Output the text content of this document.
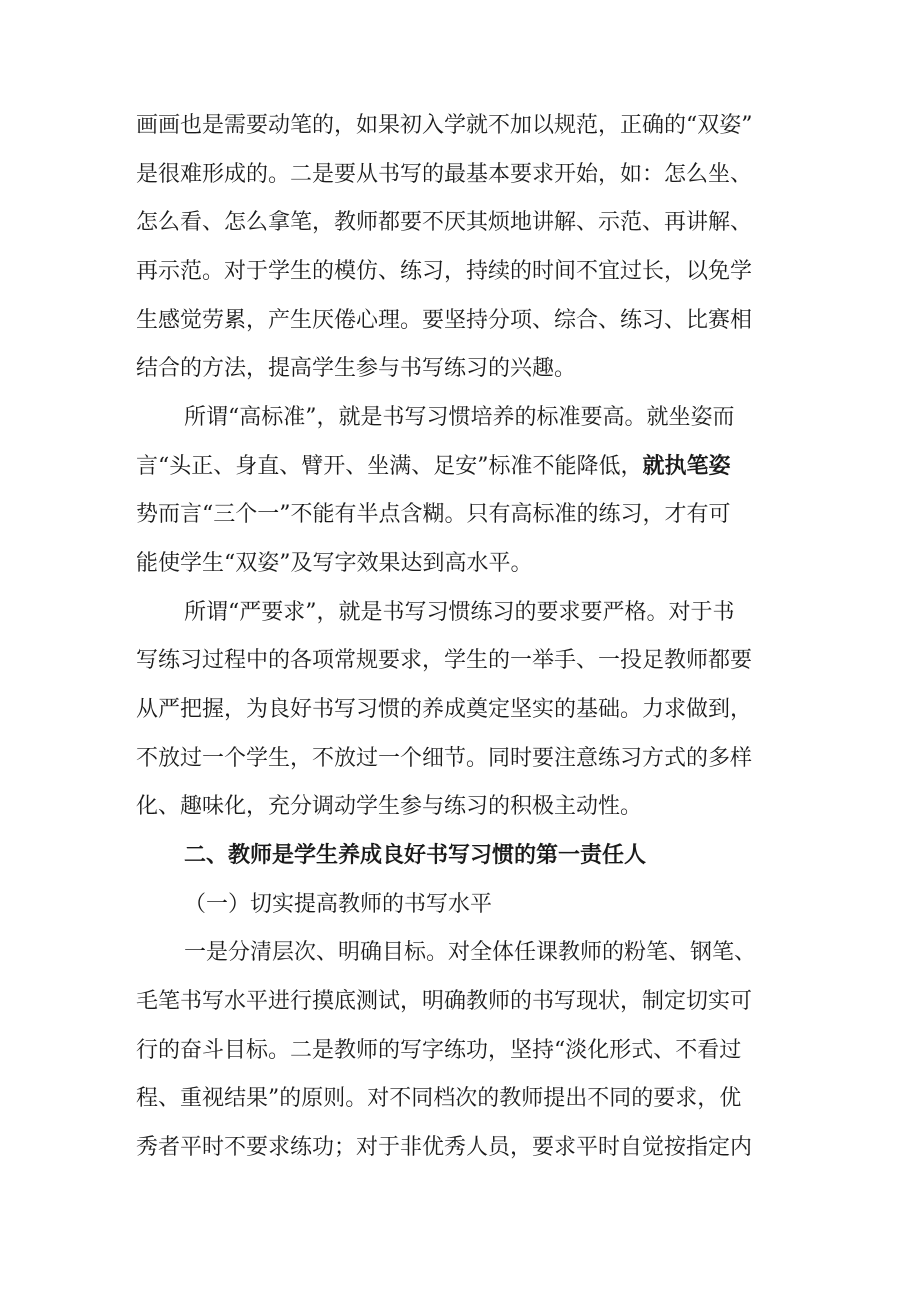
画画也是需要动笔的，如果初入学就不加以规范，正确的“双姿”
是很难形成的。二是要从书写的最基本要求开始，如：怎么坐、
怎么看、怎么拿笔，教师都要不厌其烦地讲解、示范、再讲解、
再示范。对于学生的模仿、练习，持续的时间不宜过长，以免学
生感觉劳累，产生厌倦心理。要坚持分项、综合、练习、比赛相
结合的方法，提高学生参与书写练习的兴趣。
所谓“高标准”，就是书写习惯培养的标准要高。就坐姿而
言“头正、身直、臂开、坐满、足安”标准不能降低，就执笔姿
势而言“三个一”不能有半点含糊。只有高标准的练习，才有可
能使学生“双姿”及写字效果达到高水平。
所谓“严要求”，就是书写习惯练习的要求要严格。对于书
写练习过程中的各项常规要求，学生的一举手、一投足教师都要
从严把握，为良好书写习惯的养成奠定坚实的基础。力求做到，
不放过一个学生，不放过一个细节。同时要注意练习方式的多样
化、趣味化，充分调动学生参与练习的积极主动性。
二、教师是学生养成良好书写习惯的第一责任人
（一）切实提高教师的书写水平
一是分清层次、明确目标。对全体任课教师的粉笔、钢笔、
毛笔书写水平进行摸底测试，明确教师的书写现状，制定切实可
行的奋斗目标。二是教师的写字练功，坚持“淡化形式、不看过
程、重视结果”的原则。对不同档次的教师提出不同的要求，优
秀者平时不要求练功；对于非优秀人员，要求平时自觉按指定内
